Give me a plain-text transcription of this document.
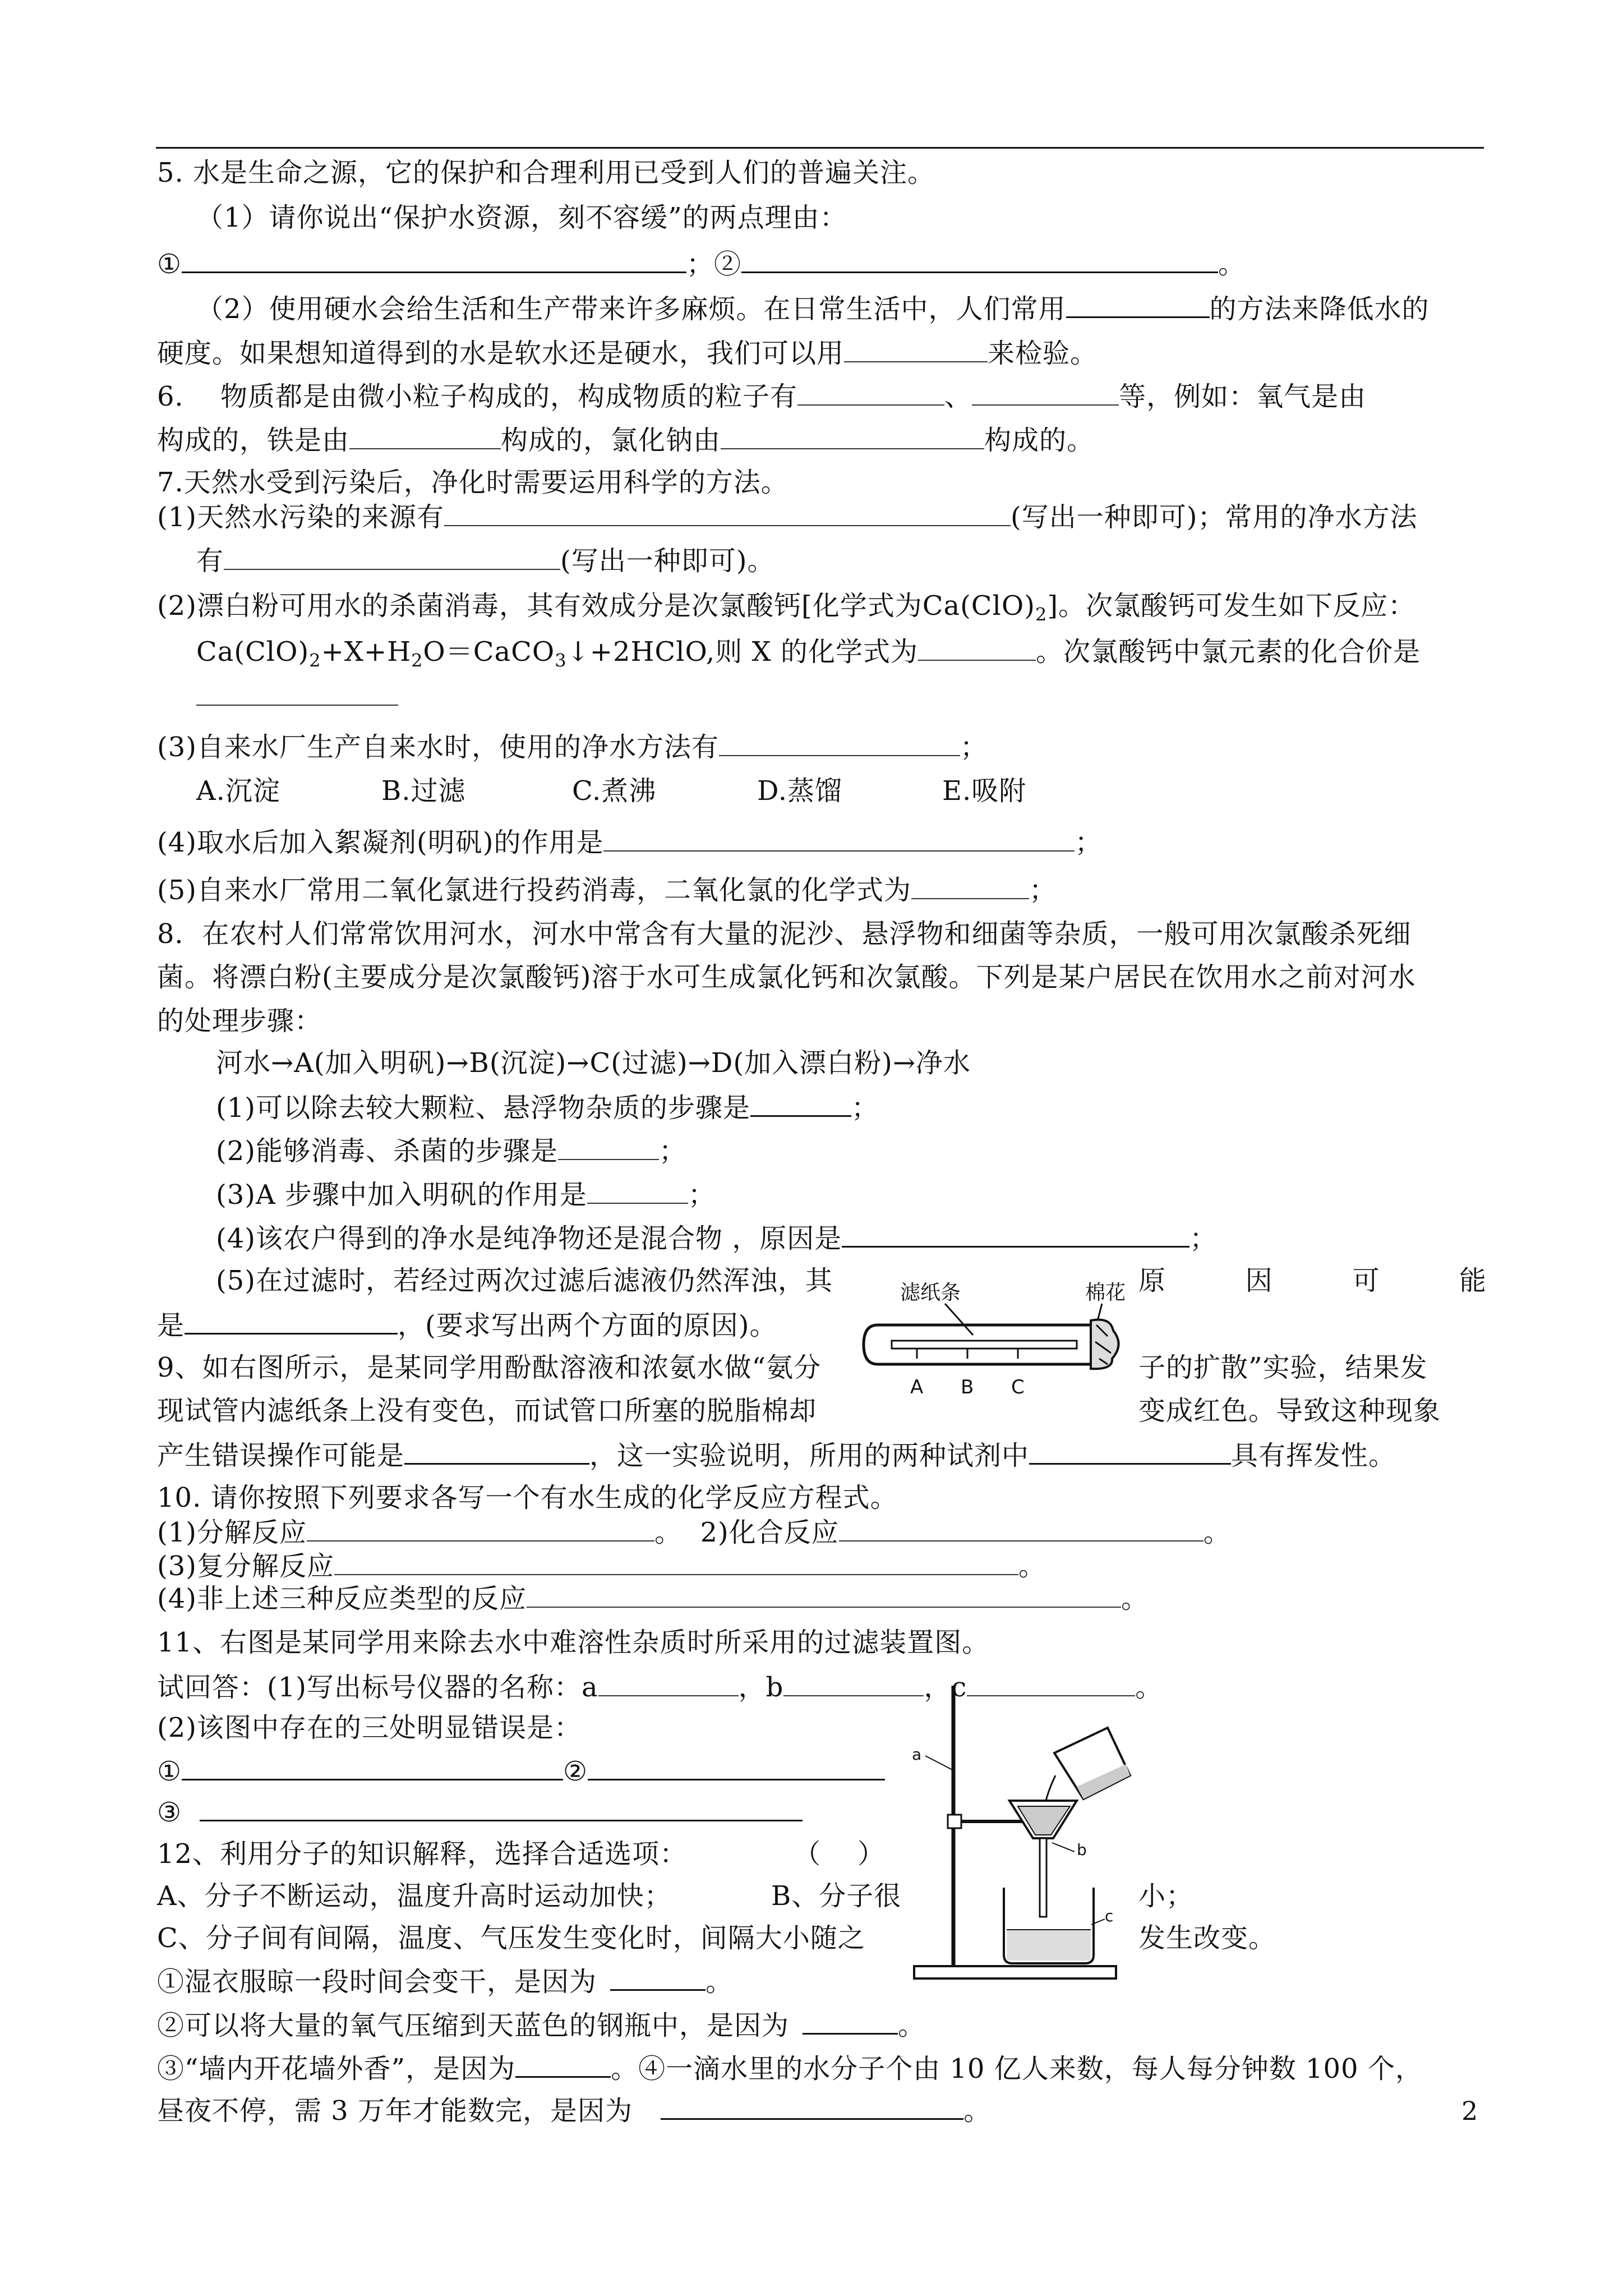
5. 水是生命之源，它的保护和合理利用已受到人们的普遍关注。
（1）请你说出“保护水资源，刻不容缓”的两点理由：
①	；②	。
（2）使用硬水会给生活和生产带来许多麻烦。在日常生活中，人们常用	的方法来降低水的
硬度。如果想知道得到的水是软水还是硬水，我们可以用	来检验。
6．  物质都是由微小粒子构成的，构成物质的粒子有	、	等，例如：氧气是由
构成的，铁是由	构成的，氯化钠由	构成的。
7.天然水受到污染后，净化时需要运用科学的方法。
(1)天然水污染的来源有	(写出一种即可)；常用的净水方法
有	(写出一种即可)。
(2)漂白粉可用水的杀菌消毒，其有效成分是次氯酸钙[化学式为$Ca(ClO)_2$]。次氯酸钙可发生如下反应：
$Ca(ClO)_2+X+H_2O=CaCO_3↓+2HClO$,则 X 的化学式为	。次氯酸钙中氯元素的化合价是
(3)自来水厂生产自来水时，使用的净水方法有	；
A.沉淀	B.过滤	C.煮沸	D.蒸馏	E.吸附
(4)取水后加入絮凝剂(明矾)的作用是	；
(5)自来水厂常用二氧化氯进行投药消毒，二氧化氯的化学式为	；
8．在农村人们常常饮用河水，河水中常含有大量的泥沙、悬浮物和细菌等杂质，一般可用次氯酸杀死细
菌。将漂白粉(主要成分是次氯酸钙)溶于水可生成氯化钙和次氯酸。下列是某户居民在饮用水之前对河水
的处理步骤：
河水→A(加入明矾)→B(沉淀)→C(过滤)→D(加入漂白粉)→净水
(1)可以除去较大颗粒、悬浮物杂质的步骤是	；
(2)能够消毒、杀菌的步骤是	；
(3)A 步骤中加入明矾的作用是	；
(4)该农户得到的净水是纯净物还是混合物 ，原因是	；
(5)在过滤时，若经过两次过滤后滤液仍然浑浊，其	原	因	可	能
是	，(要求写出两个方面的原因)。
9、如右图所示，是某同学用酚酞溶液和浓氨水做“氨分	子的扩散”实验，结果发
现试管内滤纸条上没有变色，而试管口所塞的脱脂棉却	变成红色。导致这种现象
产生错误操作可能是	，这一实验说明，所用的两种试剂中	具有挥发性。
滤纸条	棉花
A B C
10. 请你按照下列要求各写一个有水生成的化学反应方程式。
(1)分解反应	。  2)化合反应	。
(3)复分解反应	。
(4)非上述三种反应类型的反应	。
11、右图是某同学用来除去水中难溶性杂质时所采用的过滤装置图。
试回答：(1)写出标号仪器的名称：a	，b	，c	。
(2)该图中存在的三处明显错误是：
①	②
③
a
b
c
12、利用分子的知识解释，选择合适选项：	（    ）
A、分子不断运动，温度升高时运动加快；	B、分子很	小；
C、分子间有间隔，温度、气压发生变化时，间隔大小随之	发生改变。
①湿衣服晾一段时间会变干，是因为	。
②可以将大量的氧气压缩到天蓝色的钢瓶中，是因为	。
③“墙内开花墙外香”，是因为	。④一滴水里的水分子个由 10 亿人来数，每人每分钟数 100 个，
昼夜不停，需 3 万年才能数完，是因为	。	2
